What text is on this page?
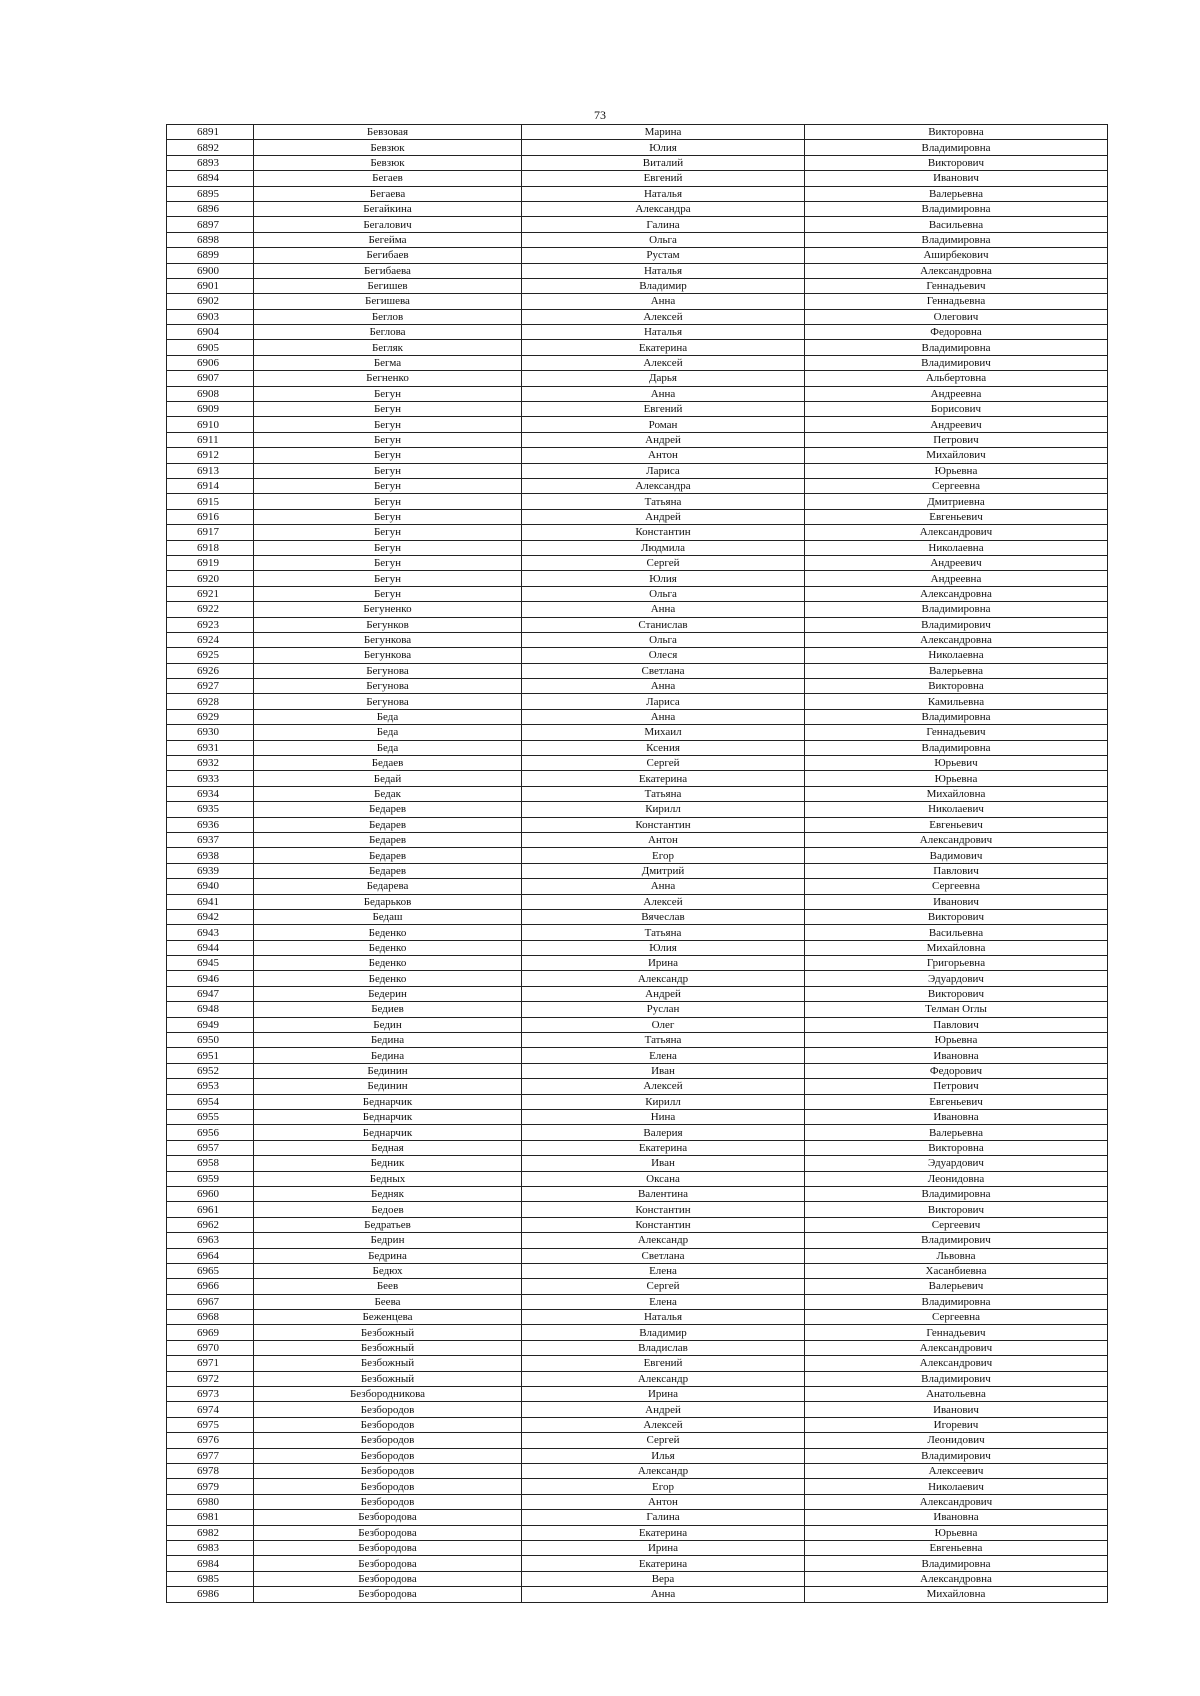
73
6891	Бевзовая	Марина	Викторовна
6892	Бевзюк	Юлия	Владимировна
6893	Бевзюк	Виталий	Викторович
6894	Бегаев	Евгений	Иванович
6895	Бегаева	Наталья	Валерьевна
6896	Бегайкина	Александра	Владимировна
6897	Бегалович	Галина	Васильевна
6898	Бегейма	Ольга	Владимировна
6899	Бегибаев	Рустам	Аширбекович
6900	Бегибаева	Наталья	Александровна
6901	Бегишев	Владимир	Геннадьевич
6902	Бегишева	Анна	Геннадьевна
6903	Беглов	Алексей	Олегович
6904	Беглова	Наталья	Федоровна
6905	Бегляк	Екатерина	Владимировна
6906	Бегма	Алексей	Владимирович
6907	Бегненко	Дарья	Альбертовна
6908	Бегун	Анна	Андреевна
6909	Бегун	Евгений	Борисович
6910	Бегун	Роман	Андреевич
6911	Бегун	Андрей	Петрович
6912	Бегун	Антон	Михайлович
6913	Бегун	Лариса	Юрьевна
6914	Бегун	Александра	Сергеевна
6915	Бегун	Татьяна	Дмитриевна
6916	Бегун	Андрей	Евгеньевич
6917	Бегун	Константин	Александрович
6918	Бегун	Людмила	Николаевна
6919	Бегун	Сергей	Андреевич
6920	Бегун	Юлия	Андреевна
6921	Бегун	Ольга	Александровна
6922	Бегуненко	Анна	Владимировна
6923	Бегунков	Станислав	Владимирович
6924	Бегункова	Ольга	Александровна
6925	Бегункова	Олеся	Николаевна
6926	Бегунова	Светлана	Валерьевна
6927	Бегунова	Анна	Викторовна
6928	Бегунова	Лариса	Камильевна
6929	Беда	Анна	Владимировна
6930	Беда	Михаил	Геннадьевич
6931	Беда	Ксения	Владимировна
6932	Бедаев	Сергей	Юрьевич
6933	Бедай	Екатерина	Юрьевна
6934	Бедак	Татьяна	Михайловна
6935	Бедарев	Кирилл	Николаевич
6936	Бедарев	Константин	Евгеньевич
6937	Бедарев	Антон	Александрович
6938	Бедарев	Егор	Вадимович
6939	Бедарев	Дмитрий	Павлович
6940	Бедарева	Анна	Сергеевна
6941	Бедарьков	Алексей	Иванович
6942	Бедаш	Вячеслав	Викторович
6943	Беденко	Татьяна	Васильевна
6944	Беденко	Юлия	Михайловна
6945	Беденко	Ирина	Григорьевна
6946	Беденко	Александр	Эдуардович
6947	Бедерин	Андрей	Викторович
6948	Бедиев	Руслан	Телман Оглы
6949	Бедин	Олег	Павлович
6950	Бедина	Татьяна	Юрьевна
6951	Бедина	Елена	Ивановна
6952	Бединин	Иван	Федорович
6953	Бединин	Алексей	Петрович
6954	Беднарчик	Кирилл	Евгеньевич
6955	Беднарчик	Нина	Ивановна
6956	Беднарчик	Валерия	Валерьевна
6957	Бедная	Екатерина	Викторовна
6958	Бедник	Иван	Эдуардович
6959	Бедных	Оксана	Леонидовна
6960	Бедняк	Валентина	Владимировна
6961	Бедоев	Константин	Викторович
6962	Бедратьев	Константин	Сергеевич
6963	Бедрин	Александр	Владимирович
6964	Бедрина	Светлана	Львовна
6965	Бедюх	Елена	Хасанбиевна
6966	Беев	Сергей	Валерьевич
6967	Беева	Елена	Владимировна
6968	Беженцева	Наталья	Сергеевна
6969	Безбожный	Владимир	Геннадьевич
6970	Безбожный	Владислав	Александрович
6971	Безбожный	Евгений	Александрович
6972	Безбожный	Александр	Владимирович
6973	Безбородникова	Ирина	Анатольевна
6974	Безбородов	Андрей	Иванович
6975	Безбородов	Алексей	Игоревич
6976	Безбородов	Сергей	Леонидович
6977	Безбородов	Илья	Владимирович
6978	Безбородов	Александр	Алексеевич
6979	Безбородов	Егор	Николаевич
6980	Безбородов	Антон	Александрович
6981	Безбородова	Галина	Ивановна
6982	Безбородова	Екатерина	Юрьевна
6983	Безбородова	Ирина	Евгеньевна
6984	Безбородова	Екатерина	Владимировна
6985	Безбородова	Вера	Александровна
6986	Безбородова	Анна	Михайловна
